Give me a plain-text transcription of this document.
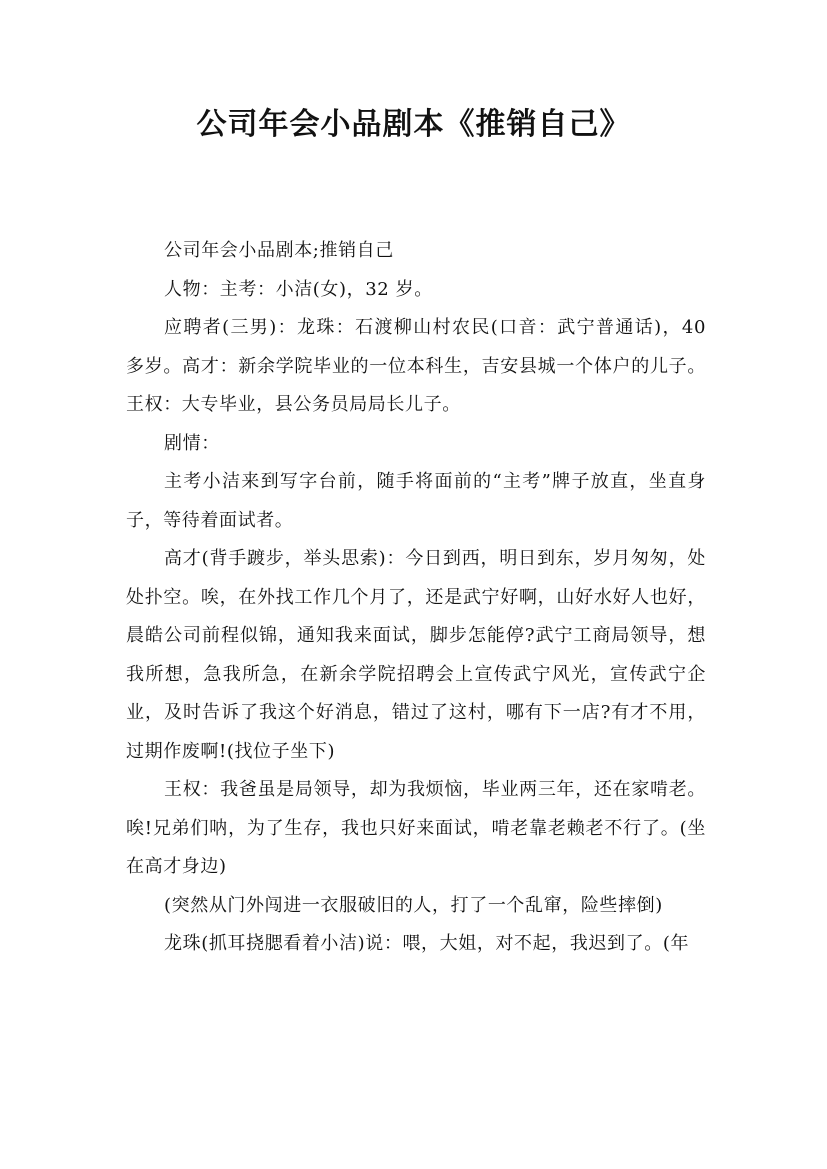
公司年会小品剧本《推销自己》

公司年会小品剧本;推销自己

人物：主考：小洁(女)，32 岁。

应聘者(三男)：龙珠：石渡柳山村农民(口音：武宁普通话)，40 多岁。高才：新余学院毕业的一位本科生，吉安县城一个体户的儿子。王权：大专毕业，县公务员局局长儿子。

剧情：

主考小洁来到写字台前，随手将面前的“主考”牌子放直，坐直身子，等待着面试者。

高才(背手踱步，举头思索)：今日到西，明日到东，岁月匆匆，处处扑空。唉，在外找工作几个月了，还是武宁好啊，山好水好人也好，晨皓公司前程似锦，通知我来面试，脚步怎能停?武宁工商局领导，想我所想，急我所急，在新余学院招聘会上宣传武宁风光，宣传武宁企业，及时告诉了我这个好消息，错过了这村，哪有下一店?有才不用，过期作废啊!(找位子坐下)

王权：我爸虽是局领导，却为我烦恼，毕业两三年，还在家啃老。唉!兄弟们呐，为了生存，我也只好来面试，啃老靠老赖老不行了。(坐在高才身边)

(突然从门外闯进一衣服破旧的人，打了一个乱窜，险些摔倒)

龙珠(抓耳挠腮看着小洁)说：喂，大姐，对不起，我迟到了。(年
